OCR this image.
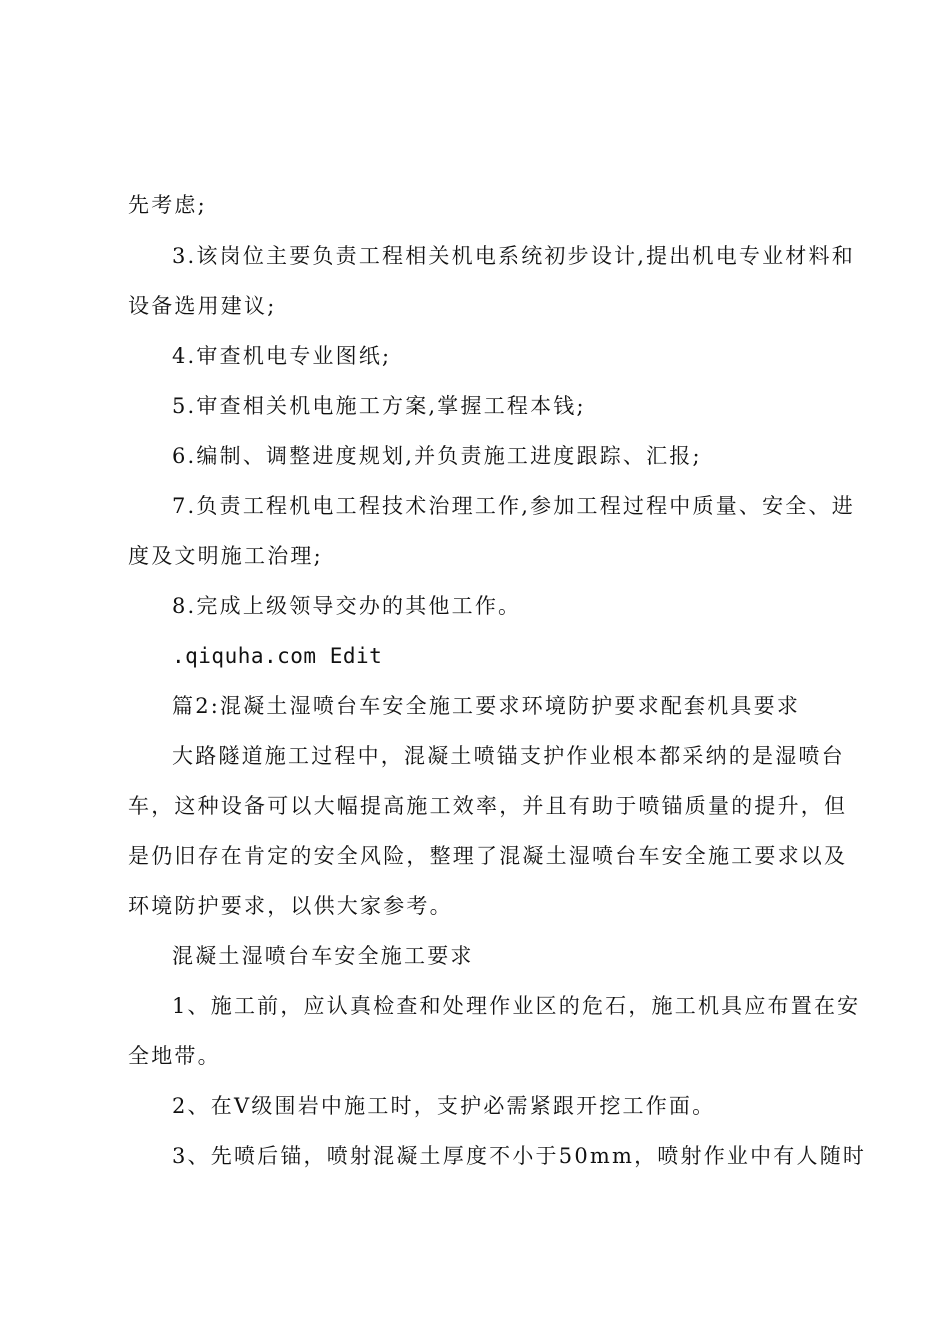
先考虑;

3.该岗位主要负责工程相关机电系统初步设计,提出机电专业材料和

设备选用建议;

4.审查机电专业图纸;

5.审查相关机电施工方案,掌握工程本钱;

6.编制、调整进度规划,并负责施工进度跟踪、汇报;

7.负责工程机电工程技术治理工作,参加工程过程中质量、安全、进

度及文明施工治理;

8.完成上级领导交办的其他工作。

.qiquha.com Edit

篇2:混凝土湿喷台车安全施工要求环境防护要求配套机具要求

大路隧道施工过程中，混凝土喷锚支护作业根本都采纳的是湿喷台

车，这种设备可以大幅提高施工效率，并且有助于喷锚质量的提升，但

是仍旧存在肯定的安全风险，整理了混凝土湿喷台车安全施工要求以及

环境防护要求，以供大家参考。

混凝土湿喷台车安全施工要求

1、施工前，应认真检查和处理作业区的危石，施工机具应布置在安

全地带。

2、在Ⅴ级围岩中施工时，支护必需紧跟开挖工作面。

3、先喷后锚，喷射混凝土厚度不小于50mm，喷射作业中有人随时
